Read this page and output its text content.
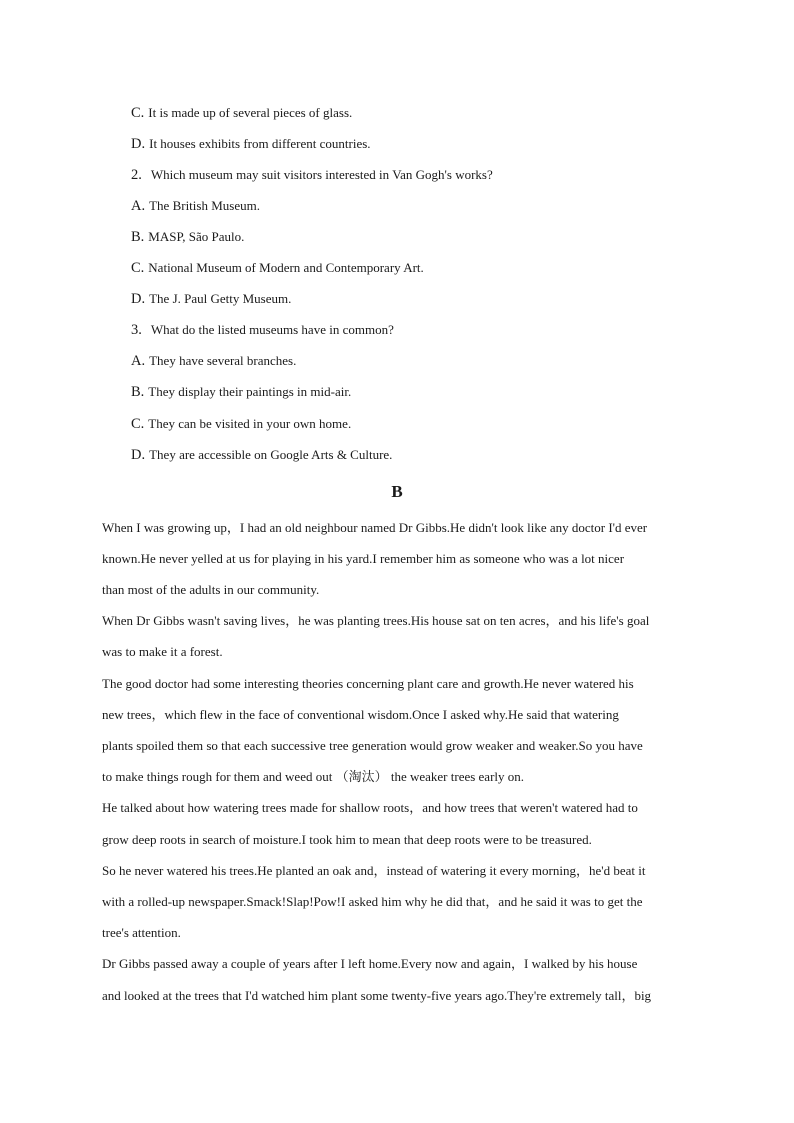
C. It is made up of several pieces of glass.
D. It houses exhibits from different countries.
2. Which museum may suit visitors interested in Van Gogh's works?
A. The British Museum.
B. MASP, São Paulo.
C. National Museum of Modern and Contemporary Art.
D. The J. Paul Getty Museum.
3. What do the listed museums have in common?
A. They have several branches.
B. They display their paintings in mid-air.
C. They can be visited in your own home.
D. They are accessible on Google Arts & Culture.
B
When I was growing up，I had an old neighbour named Dr Gibbs.He didn't look like any doctor I'd ever
known.He never yelled at us for playing in his yard.I remember him as someone who was a lot nicer
than most of the adults in our community.
When Dr Gibbs wasn't saving lives，he was planting trees.His house sat on ten acres，and his life's goal
was to make it a forest.
The good doctor had some interesting theories concerning plant care and growth.He never watered his
new trees，which flew in the face of conventional wisdom.Once I asked why.He said that watering
plants spoiled them so that each successive tree generation would grow weaker and weaker.So you have
to make things rough for them and weed out （淘汰） the weaker trees early on.
He talked about how watering trees made for shallow roots，and how trees that weren't watered had to
grow deep roots in search of moisture.I took him to mean that deep roots were to be treasured.
So he never watered his trees.He planted an oak and，instead of watering it every morning，he'd beat it
with a rolled-up newspaper.Smack!Slap!Pow!I asked him why he did that，and he said it was to get the
tree's attention.
Dr Gibbs passed away a couple of years after I left home.Every now and again，I walked by his house
and looked at the trees that I'd watched him plant some twenty-five years ago.They're extremely tall，big
